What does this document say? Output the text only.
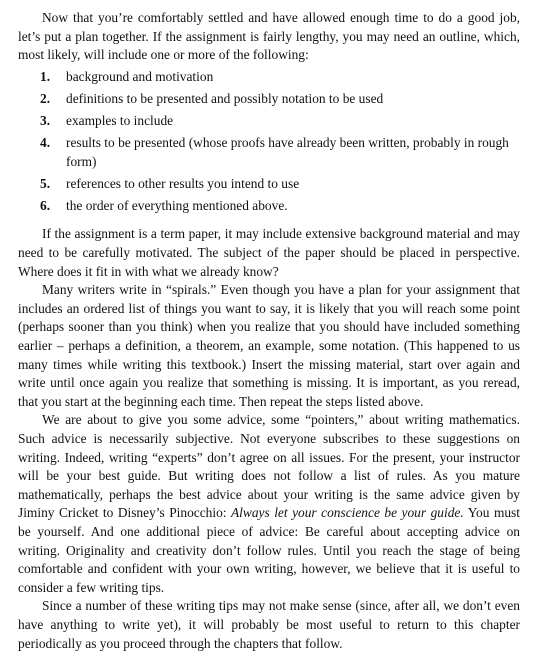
Now that you’re comfortably settled and have allowed enough time to do a good job, let’s put a plan together. If the assignment is fairly lengthy, you may need an outline, which, most likely, will include one or more of the following:

1.	background and motivation
2.	definitions to be presented and possibly notation to be used
3.	examples to include
4.	results to be presented (whose proofs have already been written, probably in rough form)
5.	references to other results you intend to use
6.	the order of everything mentioned above.

If the assignment is a term paper, it may include extensive background material and may need to be carefully motivated. The subject of the paper should be placed in perspective. Where does it fit in with what we already know?

Many writers write in “spirals.” Even though you have a plan for your assignment that includes an ordered list of things you want to say, it is likely that you will reach some point (perhaps sooner than you think) when you realize that you should have included something earlier – perhaps a definition, a theorem, an example, some notation. (This happened to us many times while writing this textbook.) Insert the missing material, start over again and write until once again you realize that something is missing. It is important, as you reread, that you start at the beginning each time. Then repeat the steps listed above.

We are about to give you some advice, some “pointers,” about writing mathematics. Such advice is necessarily subjective. Not everyone subscribes to these suggestions on writing. Indeed, writing “experts” don’t agree on all issues. For the present, your instructor will be your best guide. But writing does not follow a list of rules. As you mature mathematically, perhaps the best advice about your writing is the same advice given by Jiminy Cricket to Disney’s Pinocchio: Always let your conscience be your guide. You must be yourself. And one additional piece of advice: Be careful about accepting advice on writing. Originality and creativity don’t follow rules. Until you reach the stage of being comfortable and confident with your own writing, however, we believe that it is useful to consider a few writing tips.

Since a number of these writing tips may not make sense (since, after all, we don’t even have anything to write yet), it will probably be most useful to return to this chapter periodically as you proceed through the chapters that follow.
